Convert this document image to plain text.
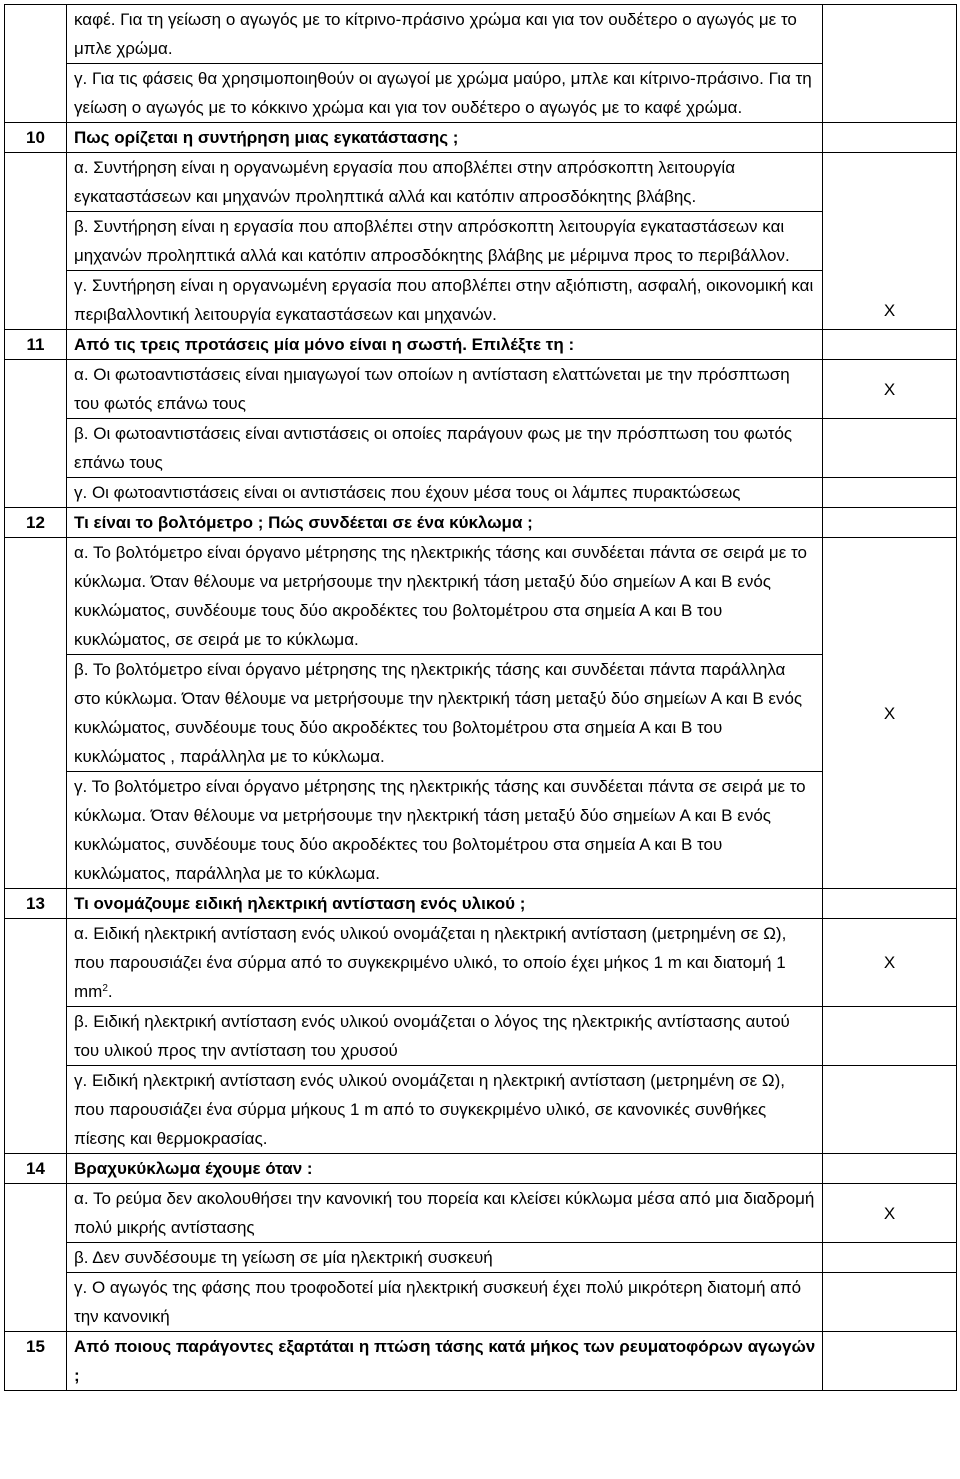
	καφέ. Για τη γείωση ο αγωγός με το κίτρινο-πράσινο χρώμα και για τον ουδέτερο ο αγωγός με το μπλε χρώμα.	
	γ. Για τις φάσεις θα χρησιμοποιηθούν οι αγωγοί με χρώμα μαύρο, μπλε και κίτρινο-πράσινο. Για τη γείωση ο αγωγός με το κόκκινο χρώμα και για τον ουδέτερο ο αγωγός με το καφέ χρώμα.	
10	Πως ορίζεται η συντήρηση μιας εγκατάστασης ;	
	α. Συντήρηση είναι η οργανωμένη εργασία που αποβλέπει στην απρόσκοπτη λειτουργία εγκαταστάσεων και μηχανών προληπτικά αλλά και κατόπιν απροσδόκητης βλάβης.	X
	β. Συντήρηση είναι η εργασία που αποβλέπει στην απρόσκοπτη λειτουργία εγκαταστάσεων και μηχανών προληπτικά αλλά και κατόπιν απροσδόκητης βλάβης με μέριμνα προς το περιβάλλον.	
	γ. Συντήρηση είναι η οργανωμένη εργασία που αποβλέπει στην αξιόπιστη, ασφαλή, οικονομική και περιβαλλοντική λειτουργία εγκαταστάσεων και μηχανών.	
11	Από τις τρεις προτάσεις μία μόνο είναι η σωστή. Επιλέξτε τη :	
	α. Οι φωτοαντιστάσεις είναι ημιαγωγοί των οποίων η αντίσταση ελαττώνεται με την πρόσπτωση του φωτός επάνω τους	X
	β. Οι φωτοαντιστάσεις είναι αντιστάσεις οι οποίες παράγουν φως με την πρόσπτωση του φωτός επάνω τους	
	γ. Οι φωτοαντιστάσεις είναι οι αντιστάσεις που έχουν μέσα τους οι λάμπες πυρακτώσεως	
12	Τι είναι το βολτόμετρο ; Πώς συνδέεται σε ένα κύκλωμα ;	
	α. Το βολτόμετρο είναι όργανο μέτρησης της ηλεκτρικής τάσης και συνδέεται πάντα σε σειρά με το κύκλωμα. Όταν θέλουμε να μετρήσουμε την ηλεκτρική τάση μεταξύ δύο σημείων Α και Β ενός κυκλώματος, συνδέουμε τους δύο ακροδέκτες του βολτομέτρου στα σημεία Α και Β του κυκλώματος, σε σειρά με το κύκλωμα.	X
	β. Το βολτόμετρο είναι όργανο μέτρησης της ηλεκτρικής τάσης και συνδέεται πάντα παράλληλα στο κύκλωμα. Όταν θέλουμε να μετρήσουμε την ηλεκτρική τάση μεταξύ δύο σημείων Α και Β ενός κυκλώματος, συνδέουμε τους δύο ακροδέκτες του βολτομέτρου στα σημεία Α και Β του κυκλώματος , παράλληλα με το κύκλωμα.	
	γ. Το βολτόμετρο είναι όργανο μέτρησης της ηλεκτρικής τάσης και συνδέεται πάντα σε σειρά με το κύκλωμα. Όταν θέλουμε να μετρήσουμε την ηλεκτρική τάση μεταξύ δύο σημείων Α και Β ενός κυκλώματος, συνδέουμε τους δύο ακροδέκτες του βολτομέτρου στα σημεία Α και Β του κυκλώματος, παράλληλα με το κύκλωμα.	
13	Τι ονομάζουμε ειδική ηλεκτρική αντίσταση ενός υλικού ;	
	α. Ειδική ηλεκτρική αντίσταση ενός υλικού ονομάζεται η ηλεκτρική αντίσταση (μετρημένη σε Ω), που παρουσιάζει ένα σύρμα από το συγκεκριμένο υλικό, το οποίο έχει μήκος 1 m και διατομή 1 $mm^2$.	X
	β. Ειδική ηλεκτρική αντίσταση ενός υλικού ονομάζεται ο λόγος της ηλεκτρικής αντίστασης αυτού του υλικού προς την αντίσταση του χρυσού	
	γ. Ειδική ηλεκτρική αντίσταση ενός υλικού ονομάζεται η ηλεκτρική αντίσταση (μετρημένη σε Ω), που παρουσιάζει ένα σύρμα μήκους 1 m από το συγκεκριμένο υλικό, σε κανονικές συνθήκες πίεσης και θερμοκρασίας.	
14	Βραχυκύκλωμα έχουμε όταν :	
	α. Το ρεύμα δεν ακολουθήσει την κανονική του πορεία και κλείσει κύκλωμα μέσα από μια διαδρομή πολύ μικρής αντίστασης	X
	β. Δεν συνδέσουμε τη γείωση σε μία ηλεκτρική συσκευή	
	γ. Ο αγωγός της φάσης που τροφοδοτεί μία ηλεκτρική συσκευή έχει πολύ μικρότερη διατομή από την κανονική	
15	Από ποιους παράγοντες εξαρτάται η πτώση τάσης κατά μήκος των ρευματοφόρων αγωγών ;	
